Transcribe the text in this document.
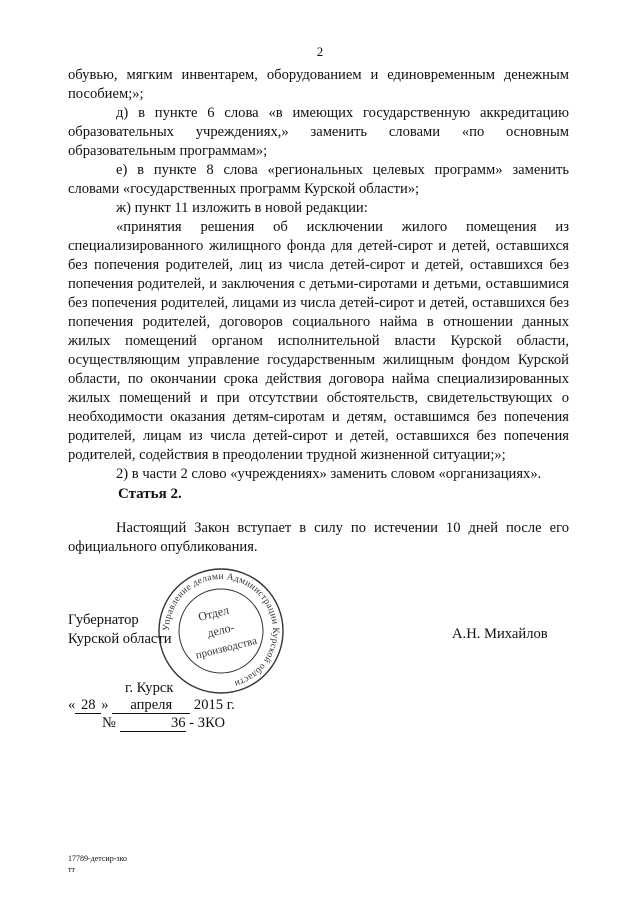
2

обувью, мягким инвентарем, оборудованием и единовременным денежным пособием;»;

д) в пункте 6 слова «в имеющих государственную аккредитацию образовательных учреждениях,» заменить словами «по основным образовательным программам»;

е) в пункте 8 слова «региональных целевых программ» заменить словами «государственных программ Курской области»;

ж) пункт 11 изложить в новой редакции:

«принятия решения об исключении жилого помещения из специализированного жилищного фонда для детей-сирот и детей, оставшихся без попечения родителей, лиц из числа детей-сирот и детей, оставшихся без попечения родителей, и заключения с детьми-сиротами и детьми, оставшимися без попечения родителей, лицами из числа детей-сирот и детей, оставшихся без попечения родителей, договоров социального найма в отношении данных жилых помещений органом исполнительной власти Курской области, осуществляющим управление государственным жилищным фондом Курской области, по окончании срока действия договора найма специализированных жилых помещений и при отсутствии обстоятельств, свидетельствующих о необходимости оказания детям-сиротам и детям, оставшимся без попечения родителей, лицам из числа детей-сирот и детей, оставшихся без попечения родителей, содействия в преодолении трудной жизненной ситуации;»;

2) в части 2 слово «учреждениях» заменить словом «организациях».

Статья 2.

Настоящий Закон вступает в силу по истечении 10 дней после его официального опубликования.

Губернатор
Курской области
Управление делами Администрации Курской области
Отдел
дело-
производства
А.Н. Михайлов
г. Курск
« 28 » апреля 2015 г.
№	36 - ЗКО
17789-детсир-зко
тт
